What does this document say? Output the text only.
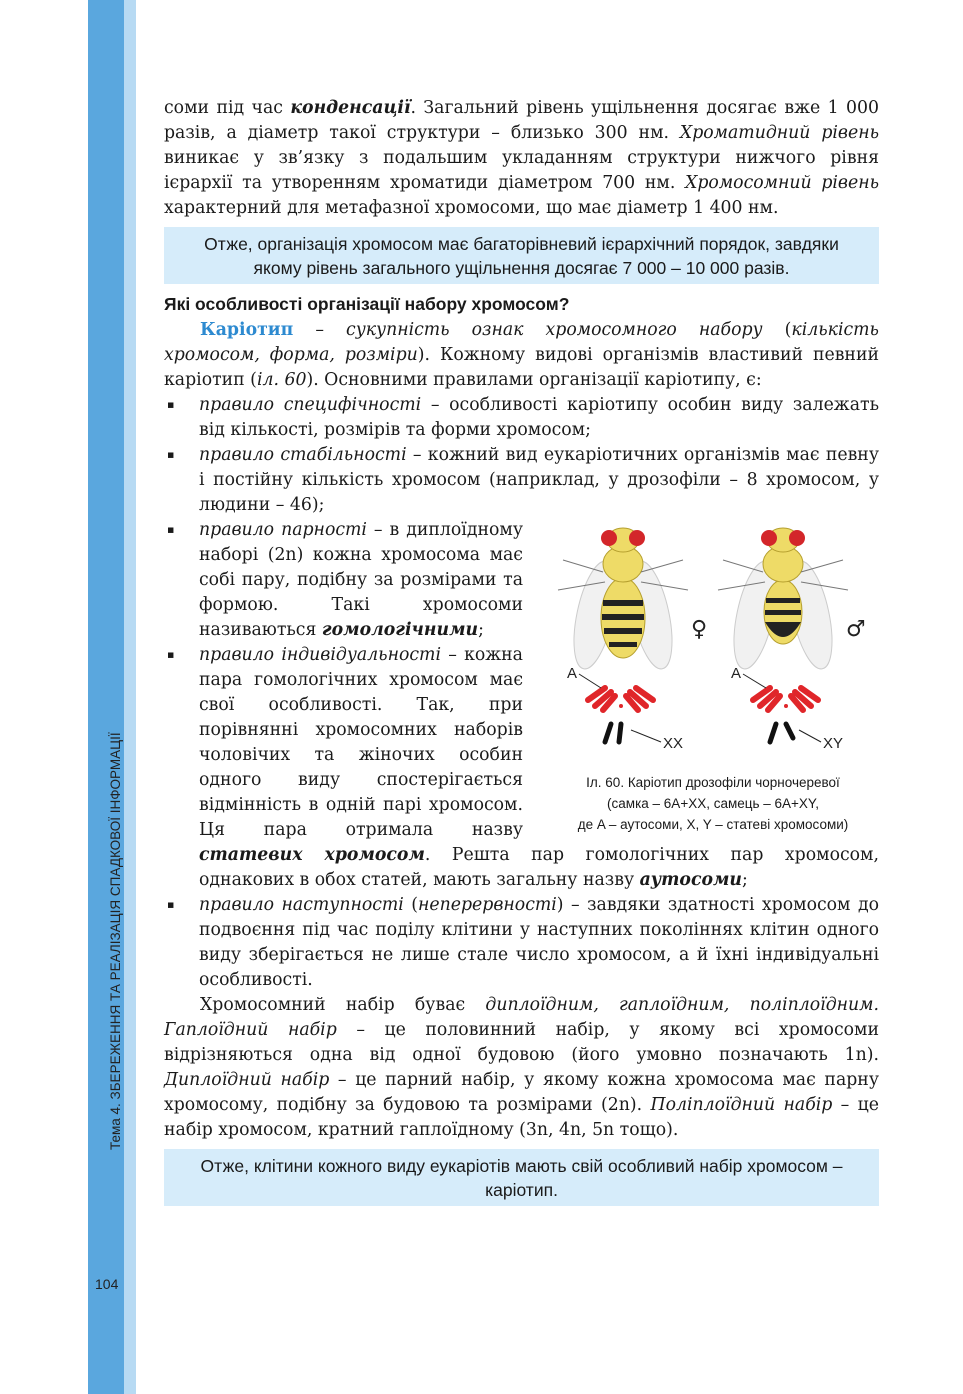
Тема 4. ЗБЕРЕЖЕННЯ ТА РЕАЛІЗАЦІЯ СПАДКОВОЇ ІНФОРМАЦІЇ
104

соми під час конденсації. Загальний рівень ущільнення досягає вже 1 000 разів, а діаметр такої структури – близько 300 нм. Хроматидний рівень виникає у зв’язку з подальшим укладанням структури нижчого рівня ієрархії та утворенням хроматиди діаметром 700 нм. Хромосомний рівень характерний для метафазної хромосоми, що має діаметр 1 400 нм.

Отже, організація хромосом має багаторівневий ієрархічний порядок, завдяки якому рівень загального ущільнення досягає 7 000 – 10 000 разів.
Які особливості організації набору хромосом?

Каріотип – сукупність ознак хромосомного набору (кількість хромосом, форма, розміри). Кожному видові організмів властивий певний каріотип (іл. 60). Основними правилами організації каріотипу, є:

▪ правило специфічності – особливості каріотипу особин виду залежать від кількості, розмірів та форми хромосом;
▪ правило стабільності – кожний вид еукаріотичних організмів має певну і постійну кількість хромосом (наприклад, у дрозофіли – 8 хромосом, у людини – 46);
♀	♂
A	A
XX	XY
Іл. 60. Каріотип дрозофіли чорночеревої
(самка – 6A+XX, самець – 6A+XY,
де A – аутосоми, X, Y – статеві хромосоми)
▪ правило парності – в диплоїдному наборі (2n) кожна хромосома має собі пару, подібну за розмірами та формою. Такі хромосоми називаються гомологічними;
▪ правило індивідуальності – кожна пара гомологічних хромосом має свої особливості. Так, при порівнянні хромосомних наборів чоловічих та жіночих особин одного виду спостерігається відмінність в одній парі хромосом. Ця пара отримала назву статевих хромосом. Решта пар гомологічних пар хромосом, однакових в обох статей, мають загальну назву аутосоми;
▪ правило наступності (неперервності) – завдяки здатності хромосом до подвоєння під час поділу клітини у наступних поколіннях клітин одного виду зберігається не лише стале число хромосом, а й їхні індивідуальні особливості.

Хромосомний набір буває диплоїдним, гаплоїдним, поліплоїдним. Гаплоїдний набір – це половинний набір, у якому всі хромосоми відрізняються одна від одної будовою (його умовно позначають 1n). Диплоїдний набір – це парний набір, у якому кожна хромосома має парну хромосому, подібну за будовою та розмірами (2n). Поліплоїдний набір – це набір хромосом, кратний гаплоїдному (3n, 4n, 5n тощо).

Отже, клітини кожного виду еукаріотів мають свій особливий набір хромосом – каріотип.
